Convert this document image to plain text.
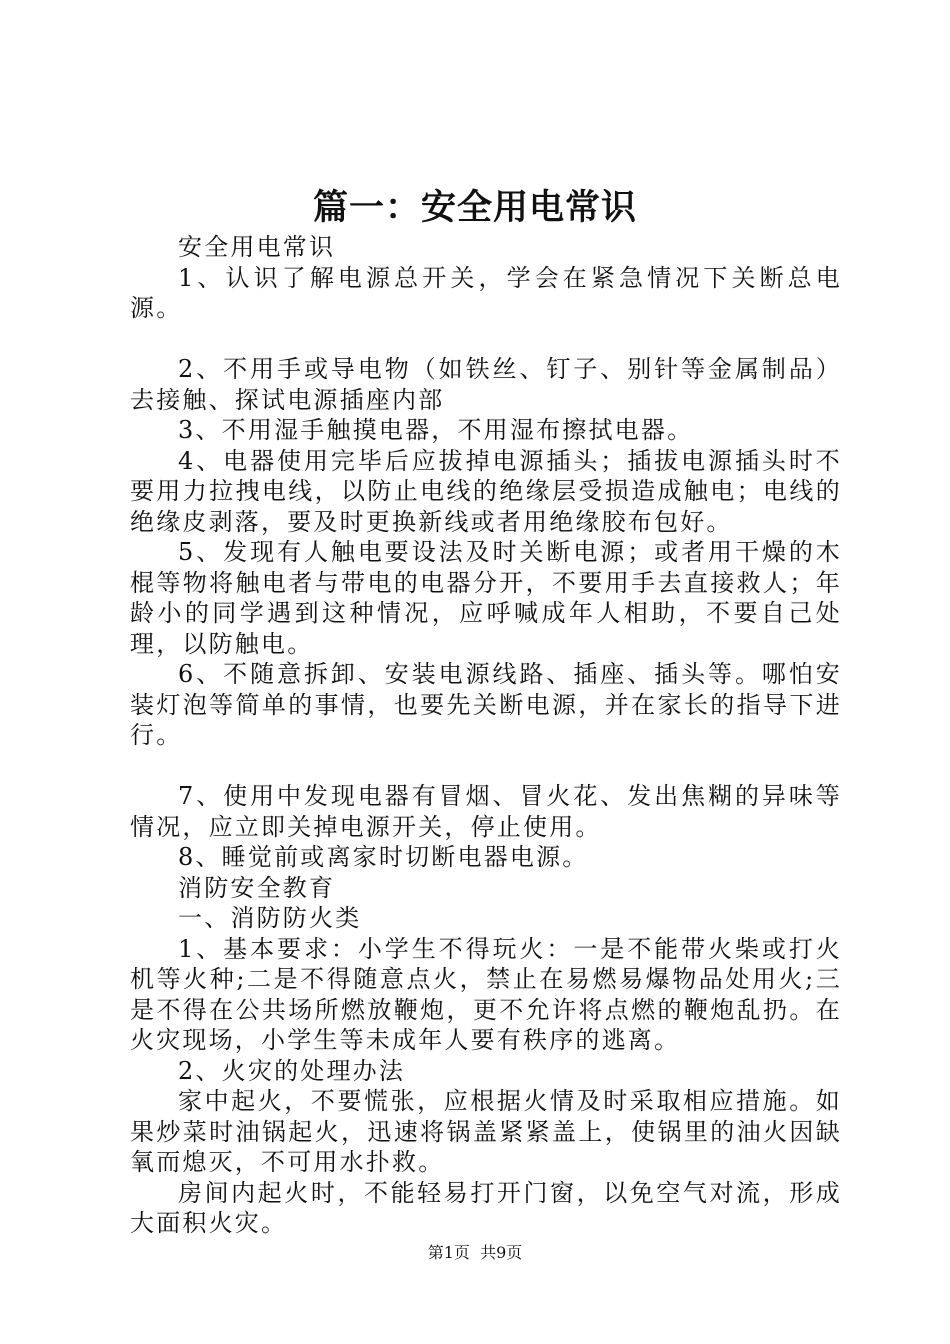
篇一：安全用电常识

安全用电常识

1、认识了解电源总开关，学会在紧急情况下关断总电源。

2、不用手或导电物（如铁丝、钉子、别针等金属制品）去接触、探试电源插座内部

3、不用湿手触摸电器，不用湿布擦拭电器。

4、电器使用完毕后应拔掉电源插头；插拔电源插头时不要用力拉拽电线，以防止电线的绝缘层受损造成触电；电线的绝缘皮剥落，要及时更换新线或者用绝缘胶布包好。

5、发现有人触电要设法及时关断电源；或者用干燥的木棍等物将触电者与带电的电器分开，不要用手去直接救人；年龄小的同学遇到这种情况，应呼喊成年人相助，不要自己处理，以防触电。

6、不随意拆卸、安装电源线路、插座、插头等。哪怕安装灯泡等简单的事情，也要先关断电源，并在家长的指导下进行。

7、使用中发现电器有冒烟、冒火花、发出焦糊的异味等情况，应立即关掉电源开关，停止使用。

8、睡觉前或离家时切断电器电源。

消防安全教育

一、消防防火类

1、基本要求：小学生不得玩火：一是不能带火柴或打火机等火种;二是不得随意点火，禁止在易燃易爆物品处用火;三是不得在公共场所燃放鞭炮，更不允许将点燃的鞭炮乱扔。在火灾现场，小学生等未成年人要有秩序的逃离。

2、火灾的处理办法

家中起火，不要慌张，应根据火情及时采取相应措施。如果炒菜时油锅起火，迅速将锅盖紧紧盖上，使锅里的油火因缺氧而熄灭，不可用水扑救。

房间内起火时，不能轻易打开门窗，以免空气对流，形成大面积火灾。

第1页  共9页
